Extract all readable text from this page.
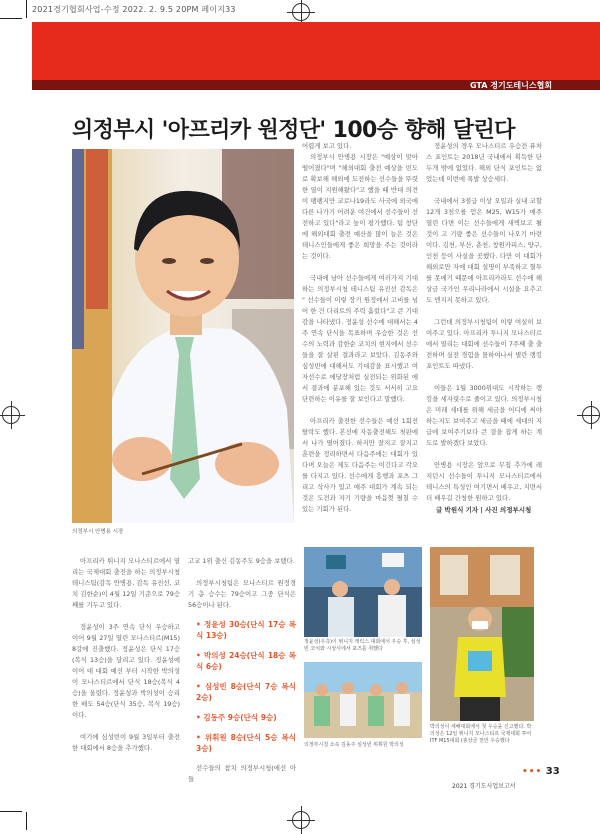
2021경기협회사업-수정 2022. 2. 9.5 20PM 페이지33
GTA 경기도테니스협회
의정부시 '아프리카 원정단' 100승 향해 달린다
의정부시 안병용 시장

어렵게 보고 있다.

의정부시 안병용 시장은 "예상이 맞아 떨어졌다"며 "해외대회 출전 예상을 빈도로 확보해 해외에 도전하는 선수들을 뚜렷한 열이 지원해왔다"고 했을 때 반대 의견이 팽팽지만 코로나19라도 사국에 외국에 다른 나가기 어려운 여건에서 선수들이 선전하고 있다"라고 높이 평가했다. 팀 창단에 해외대회 출전 예산을 많이 늘은 것은 테니스인들에게 좋은 희망을 주는 것이라는 것이다.

국내에 남아 선수들에게 여러가지 기대하는 의정부시청 테니스팀 유진선 감독은 " 선수들이 이렇 장기 원정에서 고비를 넘어 한 건 다리트의 주력 흘렀다"고 큰 기대감을 나타냈다. 정윤성 선수에 대해서는 4주 연속 단식을 목표하며 우승한 것은 선수의 노력과 감한순 코치의 현지에서 선수들을 잘 살핀 결과라고 보았다. 김동주와 심성빈에 대해서도 기대감을 표시했고 여자선수로 에당장처럼 실전되는 위화된 에서 결과에 분포해 있는 것도 서서히 고요 단련하는 이유를 잘 보인다고 말했다.

아프리카 출전한 선수들은 예선 1회전 탈락도 했다. 본선에 자동출전해도 첫판에서 나가 떨어졌다. 하지만 잘지고 잘지고 훈련을 정리하면서 다음주에는 대회가 있다며 오늘은 제도 다음주는 이긴다고 각오를 다지고 있다. 선수에게 흥행과 포츠 그리고 삭사가 있고 매주 대회가 계속 되는 것은 도전과 자기 기량을 마음껏 펼칠 수 있는 기회가 된다.

정윤성의 경우 모나스티르 우승전 퓨처스 포인트는 2018년 국내에서 획득한 단 두개 밖에 없었다. 해외 단식 포인트는 없었는데 이번에 폭발 상승세다.

국내에서 3점급 이상 오일과 실내 코할 12개 3천으를 얻은 M25, W15가 매주 열린 다면 이는 선수들에게 새벽보고 될 것이 고 기량 좋은 선수들이 나오기 마련이다. 김천, 부산, 춘천, 창원카피스, 양구, 인천 등이 사실을 곳했다. 다만 이 대회가 해외로만 자매 대회 설명이 부족하고 혈투를 못에기 때문에 아프리카라도 선수에 해 상금 국가인 우리나라에서 시설을 요추고도 엔지지 못하고 있다.

그런데 의정부시청팀이 이렇 여실히 보여주고 있다. 아프리카 투니지 모나스티르에서 열리는 대회에 선수들이 7주째 출 출전하며 실전 경험을 몰하여나서 별란 랭킹 포인트도 따냈다.

이들은 1월 3000위대도 시작하는 랭킹을 세자릿수로 줄이고 있다. 의정부시청은 미래 세대를 위해 세금을 어디에 써야 하는지도 보여주고 세금을 때에 세대의 지급에 보여주기보다 큰 결을 잡게 하는 계도로 발하겠다 보았다.

안병용 시장은 앞으로 무칩 추가에 레지던시 선수들이 투니지 모나스티르에서 테니스의 특성인 여기면서 배우고, 지면서 더 배우길 간청한 원하고 있다.

글 박원식 기자 | 사진 의정부시청

아프리카 튀니지 모나스티르에서 열리는 국제대회 출전을 하는 의정부시청 테니스팀(감독 안병용, 감독 유진선, 코치 김한순)이 4월 12일 기준으로 79승째를 기두고 있다.

정윤성이 3주 연속 단식 우승하고 이어 9월 27일 열린 모나스티르(M15) 8강에 진출했다. 정윤성은 단식 17승(복식 13승)을 달리고 있다. 정윤성에 이어 대 대회 예선 부터 시작한 박의성이 모나스티르에서 단식 18승(복식 4승)을 올렸다. 정윤성과 박의성이 승리한 배도 54승(단식 35승, 복식 19승)이다.

여기에 심성빈이 9월 3일부터 출전한 대회에서 8승을 추가했다.

고교 1위 출신 김동주도 9승을 보탰다.

의정부시청팀은 모나스티르 원정경기 총 승수는 79승이고 그중 단식은 56승이나 된다.

• 정윤성 30승(단식 17승 복식 13승)

• 박의성 24승(단식 18승 복식 6승)

• 심성빈 8승(단식 7승 복식 2승)

• 김동주 9승(단식 9승)

• 위휘원 8승(단식 5승 복식 3승)

선수들의 참치 의정부시청(에선 아들

정윤성(우측)이 튀니지 캐릭스 대회에서 우승 후, 심성빈 코치와 시상식에서 포즈를 취했다
의정부시청 소속 김동주 심성빈 위휘원 박의성
박의성이 세배대회에서 첫 우승을 신고했다. 박의성은 12일 튀니지 모나스티르 국제대회 투어 ITF M15대회 (총상금 천만 우승했다
••• 33
2021 경기도사업보고서
